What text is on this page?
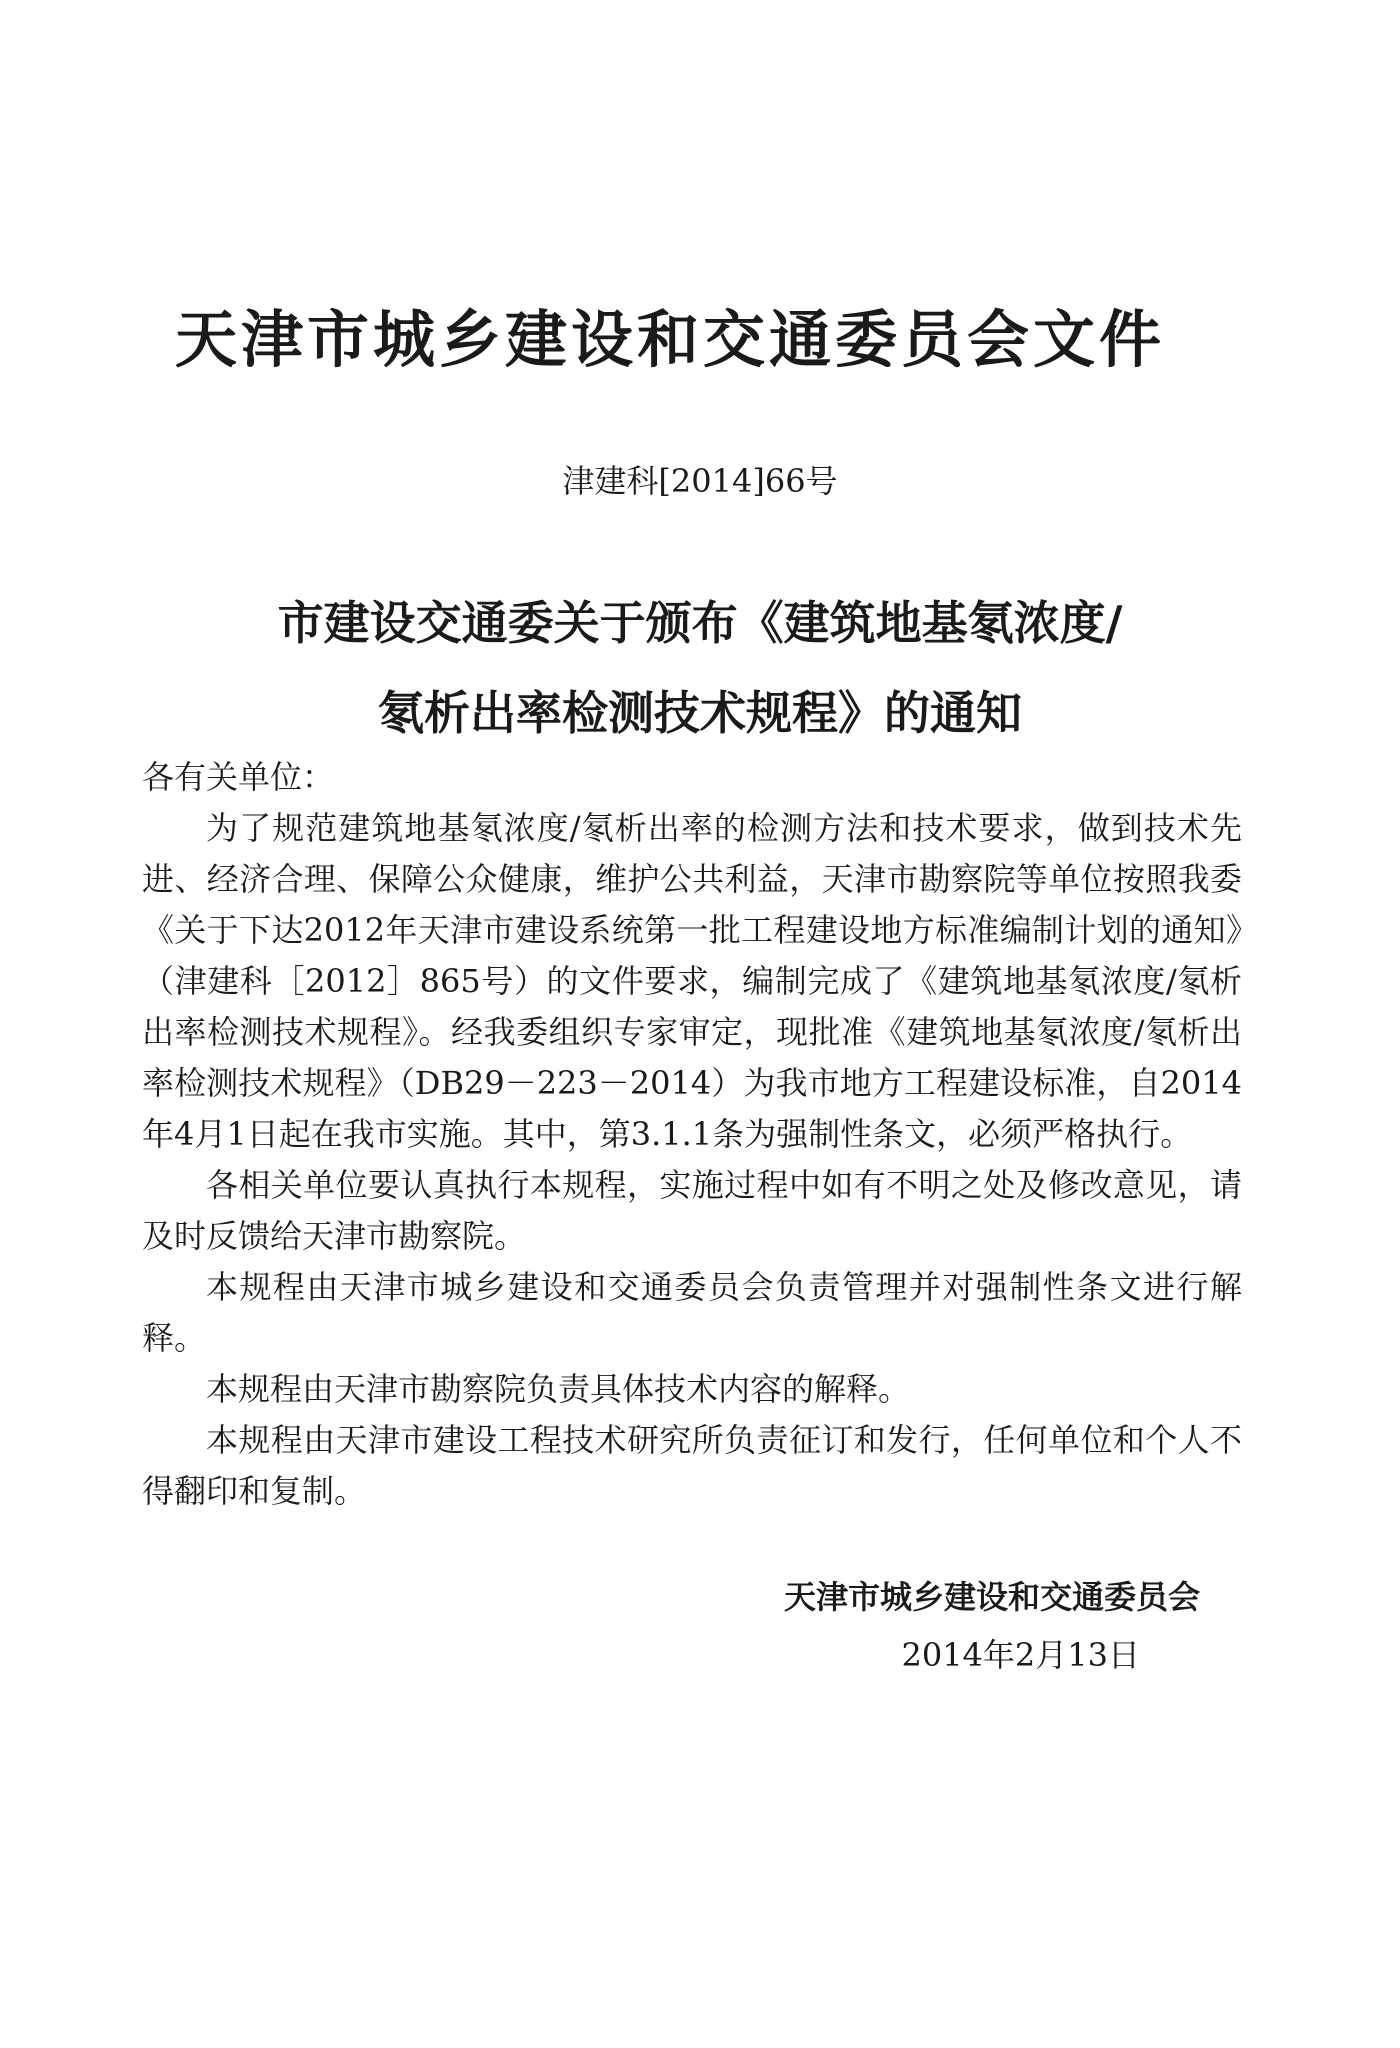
天津市城乡建设和交通委员会文件
津建科[2014]66号
市建设交通委关于颁布《建筑地基氡浓度/
氡析出率检测技术规程》的通知
各有关单位：

为了规范建筑地基氡浓度/氡析出率的检测方法和技术要求，做到技术先进、经济合理、保障公众健康，维护公共利益，天津市勘察院等单位按照我委《关于下达2012年天津市建设系统第一批工程建设地方标准编制计划的通知》（津建科［2012］865号）的文件要求，编制完成了《建筑地基氡浓度/氡析出率检测技术规程》。经我委组织专家审定，现批准《建筑地基氡浓度/氡析出率检测技术规程》（DB29－223－2014）为我市地方工程建设标准，自2014年4月1日起在我市实施。其中，第3.1.1条为强制性条文，必须严格执行。

各相关单位要认真执行本规程，实施过程中如有不明之处及修改意见，请及时反馈给天津市勘察院。

本规程由天津市城乡建设和交通委员会负责管理并对强制性条文进行解释。

本规程由天津市勘察院负责具体技术内容的解释。

本规程由天津市建设工程技术研究所负责征订和发行，任何单位和个人不得翻印和复制。

天津市城乡建设和交通委员会
2014年2月13日
